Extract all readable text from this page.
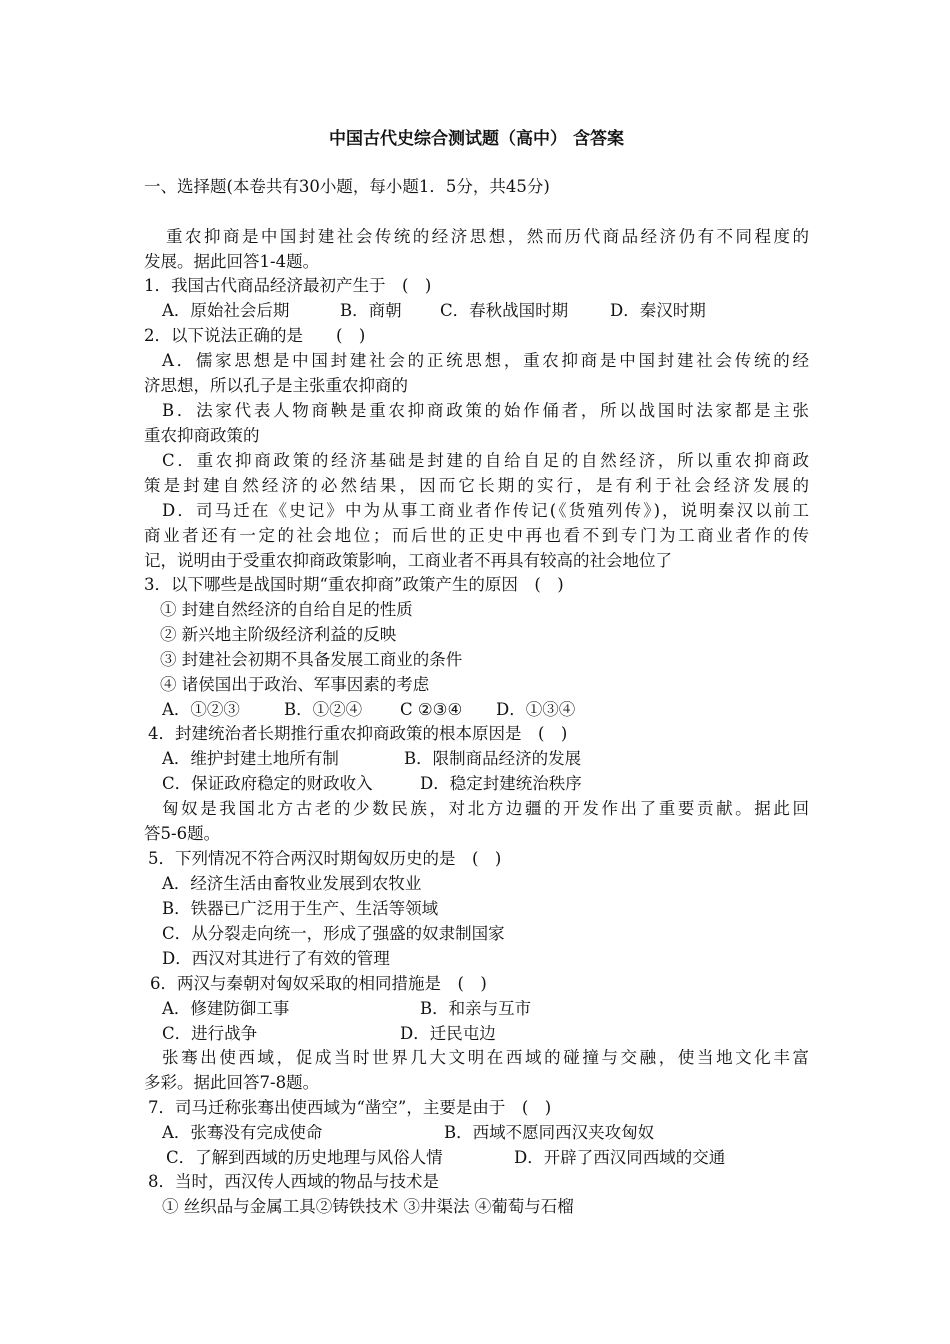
中国古代史综合测试题（高中） 含答案
一、选择题(本卷共有30小题，每小题1．5分，共45分)
重农抑商是中国封建社会传统的经济思想，然而历代商品经济仍有不同程度的
发展。据此回答1-4题。
1．我国古代商品经济最初产生于　(　)
A．原始社会后期	B．商朝 C．春秋战国时期	D．秦汉时期
2．以下说法正确的是　　(　)
A．儒家思想是中国封建社会的正统思想，重农抑商是中国封建社会传统的经
济思想，所以孔子是主张重农抑商的
B．法家代表人物商鞅是重农抑商政策的始作俑者，所以战国时法家都是主张
重农抑商政策的
C．重农抑商政策的经济基础是封建的自给自足的自然经济，所以重农抑商政
策是封建自然经济的必然结果，因而它长期的实行，是有利于社会经济发展的
D．司马迁在《史记》中为从事工商业者作传记(《货殖列传》)，说明秦汉以前工
商业者还有一定的社会地位；而后世的正史中再也看不到专门为工商业者作的传
记，说明由于受重农抑商政策影响，工商业者不再具有较高的社会地位了
3．以下哪些是战国时期“重农抑商”政策产生的原因　(　)
① 封建自然经济的自给自足的性质
② 新兴地主阶级经济利益的反映
③ 封建社会初期不具备发展工商业的条件
④ 诸侯国出于政治、军事因素的考虑
A．①②③	B．①②④ C ②③④ D．①③④
4．封建统治者长期推行重农抑商政策的根本原因是　(　)
A．维护封建土地所有制	B．限制商品经济的发展
C．保证政府稳定的财政收入	D．稳定封建统治秩序
匈奴是我国北方古老的少数民族，对北方边疆的开发作出了重要贡献。据此回
答5-6题。
5．下列情况不符合两汉时期匈奴历史的是　(　)
A．经济生活由畜牧业发展到农牧业
B．铁器已广泛用于生产、生活等领域
C．从分裂走向统一，形成了强盛的奴隶制国家
D．西汉对其进行了有效的管理
6．两汉与秦朝对匈奴采取的相同措施是　(　)
A．修建防御工事	B．和亲与互市
C．进行战争	D．迁民屯边
张骞出使西域，促成当时世界几大文明在西域的碰撞与交融，使当地文化丰富
多彩。据此回答7-8题。
7．司马迁称张骞出使西域为“凿空”，主要是由于　(　)
A．张骞没有完成使命	B．西域不愿同西汉夹攻匈奴
C．了解到西域的历史地理与风俗人情	D．开辟了西汉同西域的交通
8．当时，西汉传人西域的物品与技术是
① 丝织品与金属工具②铸铁技术 ③井渠法 ④葡萄与石榴
